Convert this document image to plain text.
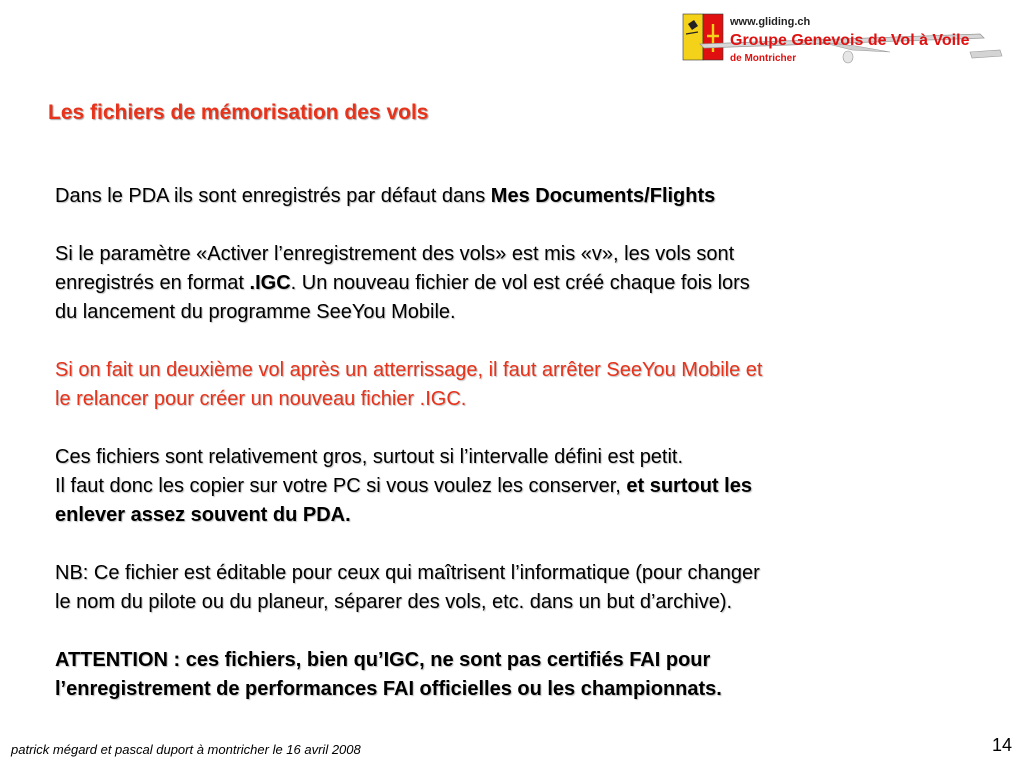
www.gliding.ch
Groupe Genevois de Vol à Voile
de Montricher
Les fichiers de mémorisation des vols
Dans le PDA ils sont enregistrés par défaut dans Mes Documents/Flights
Si le paramètre «Activer l’enregistrement des vols» est mis «v», les vols sont
enregistrés en format .IGC. Un nouveau fichier de vol est créé chaque fois lors
du lancement du programme SeeYou Mobile.
Si on fait un deuxième vol après un atterrissage, il faut arrêter SeeYou Mobile et
le relancer pour créer un nouveau fichier .IGC.
Ces fichiers sont relativement gros, surtout si l’intervalle défini est petit.
Il faut donc les copier sur votre PC si vous voulez les conserver, et surtout les
enlever assez souvent du PDA.
NB: Ce fichier est éditable pour ceux qui maîtrisent l’informatique (pour changer
le nom du pilote ou du planeur, séparer des vols, etc. dans un but d’archive).
ATTENTION : ces fichiers, bien qu’IGC, ne sont pas certifiés FAI pour
l’enregistrement de performances FAI officielles ou les championnats.
patrick mégard et pascal duport à montricher le 16 avril 2008	14
